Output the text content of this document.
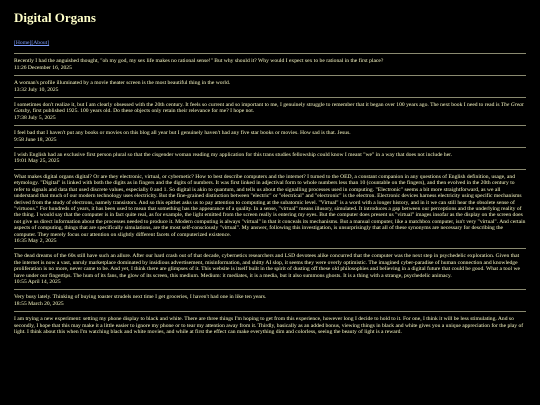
Digital Organs
[Home][About]

Recently I had the anguished thought, "oh my god, my sex life makes no rational sense!" But why should it? Why would I expect sex to be rational in the first place?

11:26 December 16, 2025

A woman's profile illuminated by a movie theater screen is the most beautiful thing in the world.

13:32 July 10, 2025

I sometimes don't realize it, but I am clearly obsessed with the 20th century. It feels so current and so important to me, I genuinely struggle to remember that it began over 100 years ago. The next book I need to read is The Great Gatsby, first published 1925. 100 years old. Do these objects only retain their relevance for me? I hope not.

17:38 July 5, 2025

I feel bad that I haven't put any books or movies on this blog all year but I genuinely haven't had any five star books or movies. How sad is that. Jesus.

9:58 June 18, 2025

I wish English had an exclusive first person plural so that the cisgender woman reading my application for this trans studies fellowship could know I meant "we" in a way that does not include her.

19:01 May 25, 2025

What makes digital organs digital? Or are they electronic, virtual, or cybernetic? How to best describe computers and the internet? I turned to the OED, a constant companion in any questions of English definition, usage, and etymology. "Digital" is linked with both the digits as in fingers and the digits of numbers. It was first linked in adjectival form to whole numbers less than 10 (countable on the fingers), and then evolved in the 20th century to refer to signals and data that used discrete values, especially 0 and 1. So digital is akin to quantum, and tells us about the signalling processes used in computing. "Electronic" seems a bit more straightforward, as we all understand that much of our modern technology uses electricity. But the fine-grained distinction between "electric" or "electrical" and "electronic" is the electron. Electronic devices harness electricity using specific mechanisms derived from the study of electrons, namely transistors. And so this epithet asks us to pay attention to computing at the subatomic level. "Virtual" is a word with a longer history, and in it we can still hear the obsolete sense of "virtuous." For hundreds of years, it has been used to mean that something has the appearance of a quality. In a sense, "virtual" means illusory, simulated. It introduces a gap between our perceptions and the underlying reality of the thing. I would say that the computer is in fact quite real, as for example, the light emitted from the screen really is entering my eyes. But the computer does present us "virtual" images insofar as the display on the screen does not give us direct information about the processes needed to produce it. Modern computing is always "virtual" in that it conceals its mechanisms. But a manual computer, like a matchbox computer, isn't very "virtual". And certain aspects of computing, things that are specifically simulations, are the most self-consciously "virtual". My answer, following this investigation, is unsurprisingly that all of these synonyms are necessary for describing the computer. They merely focus our attention on slightly different facets of computerized existence.

16:35 May 2, 2025

The dead dreams of the 60s still have such an allure. After our hard crash out of that decade, cybernetics researchers and LSD devotees alike concurred that the computer was the next step in psychedelic exploration. Given that the internet is now a vast, unruly marketplace dominated by insidious advertisement, misinformation, and shitty AI slop, it seems they were overly optimistic. The imagined cyber-paradise of human connection and knowledge proliferation is no more, never came to be. And yet, I think there are glimpses of it. This website is itself built in the spirit of dusting off these old philosophies and believing in a digital future that could be good. What a tool we have under our fingertips. The hum of its fans, the glow of its screen, this medium. Medium: it mediates, it is a media, but it also summons ghosts. It is a thing with a strange, psychedelic animacy.

10:55 April 14, 2025

Very busy lately. Thinking of buying toaster strudels next time I get groceries, I haven't had one in like ten years.

18:55 March 20, 2025

I am trying a new experiment: setting my phone display to black and white. There are three things I'm hoping to get from this experience, however long I decide to hold to it. For one, I think it will be less stimulating. And so secondly, I hope that this may make it a little easier to ignore my phone or to tear my attention away from it. Thirdly, basically as an added bonus, viewing things in black and white gives you a unique appreciation for the play of light. I think about this when I'm watching black and white movies, and while at first the effect can make everything dim and colorless, seeing the beauty of light is a reward.
